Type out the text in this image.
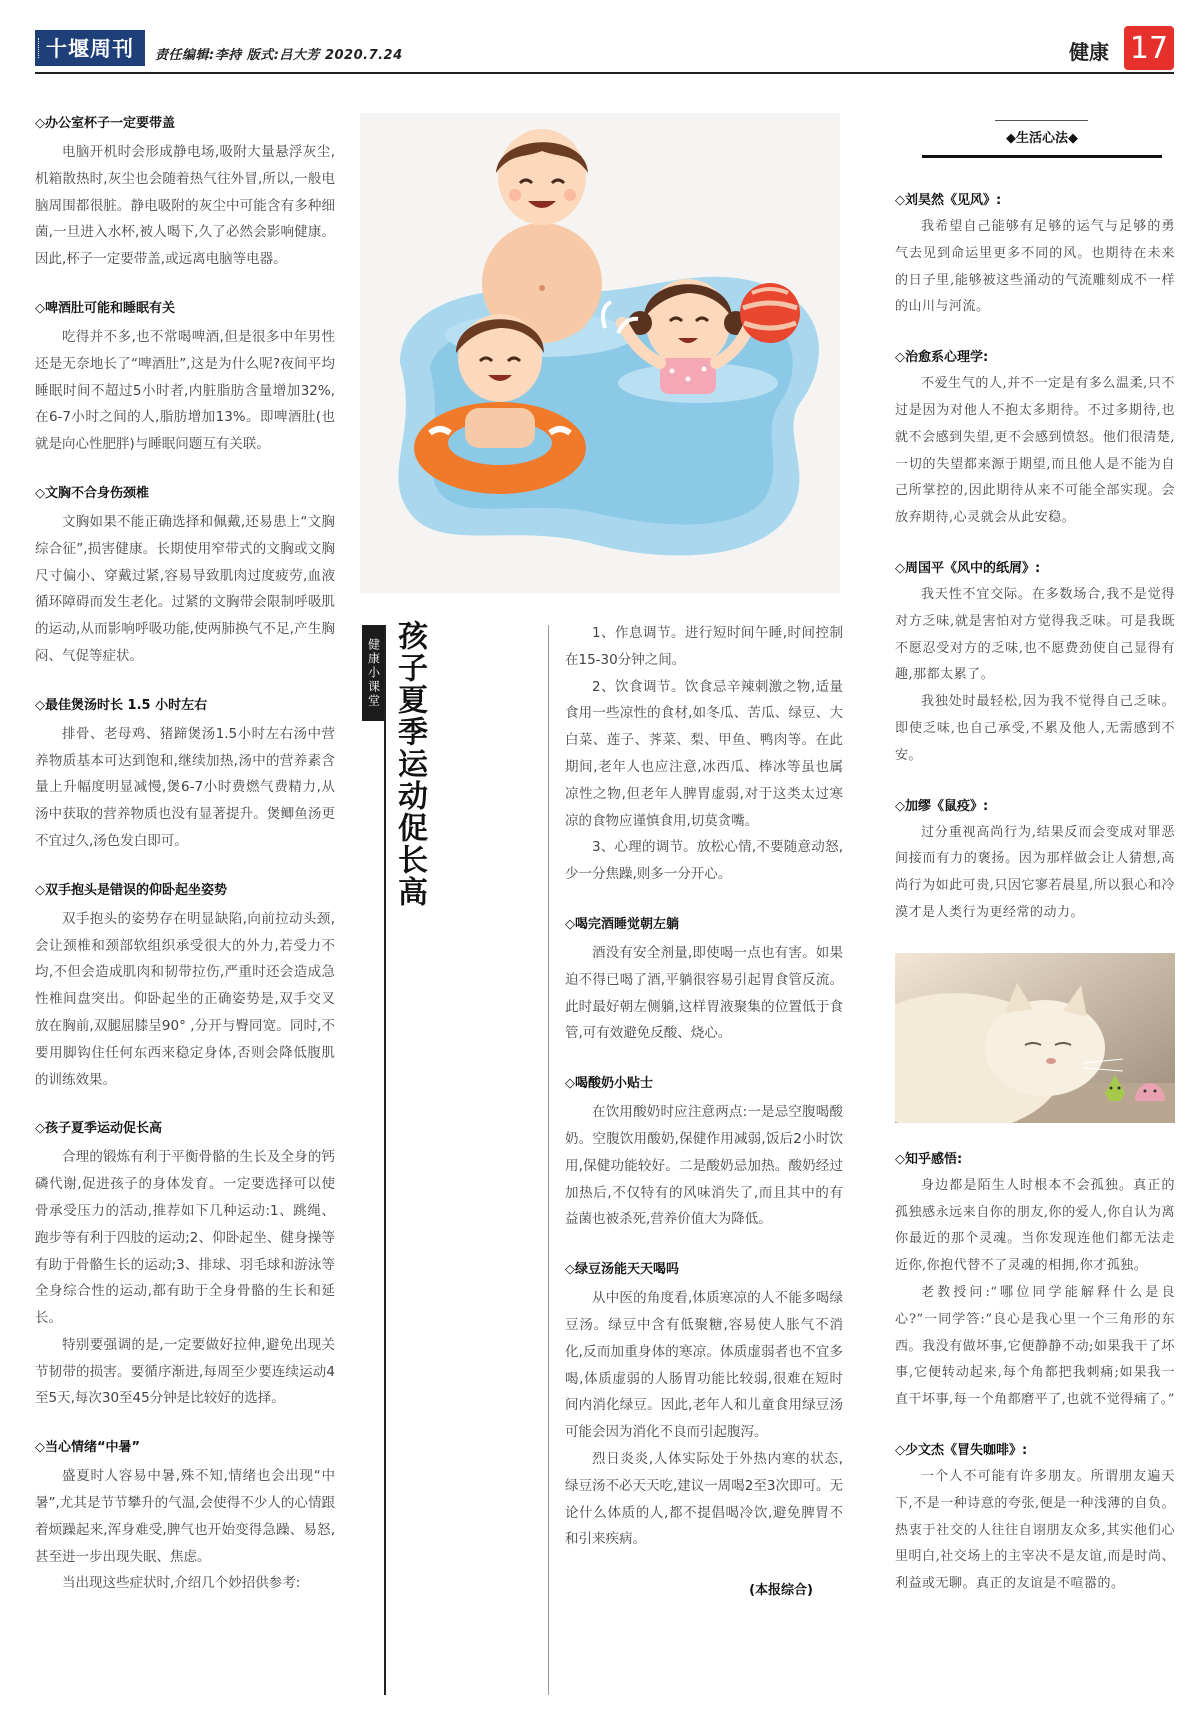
十堰周刊 责任编辑:李持 版式:吕大芳 2020.7.24	健康 17
◇办公室杯子一定要带盖

电脑开机时会形成静电场,吸附大量悬浮灰尘,机箱散热时,灰尘也会随着热气往外冒,所以,一般电脑周围都很脏。静电吸附的灰尘中可能含有多种细菌,一旦进入水杯,被人喝下,久了必然会影响健康。因此,杯子一定要带盖,或远离电脑等电器。

◇啤酒肚可能和睡眠有关

吃得并不多,也不常喝啤酒,但是很多中年男性还是无奈地长了“啤酒肚”,这是为什么呢?夜间平均睡眠时间不超过5小时者,内脏脂肪含量增加32%,在6-7小时之间的人,脂肪增加13%。即啤酒肚(也就是向心性肥胖)与睡眠问题互有关联。

◇文胸不合身伤颈椎

文胸如果不能正确选择和佩戴,还易患上“文胸综合征”,损害健康。长期使用窄带式的文胸或文胸尺寸偏小、穿戴过紧,容易导致肌肉过度疲劳,血液循环障碍而发生老化。过紧的文胸带会限制呼吸肌的运动,从而影响呼吸功能,使两肺换气不足,产生胸闷、气促等症状。

◇最佳煲汤时长 1.5 小时左右

排骨、老母鸡、猪蹄煲汤1.5小时左右汤中营养物质基本可达到饱和,继续加热,汤中的营养素含量上升幅度明显减慢,煲6-7小时费燃气费精力,从汤中获取的营养物质也没有显著提升。煲鲫鱼汤更不宜过久,汤色发白即可。

◇双手抱头是错误的仰卧起坐姿势

双手抱头的姿势存在明显缺陷,向前拉动头颈,会让颈椎和颈部软组织承受很大的外力,若受力不均,不但会造成肌肉和韧带拉伤,严重时还会造成急性椎间盘突出。仰卧起坐的正确姿势是,双手交叉放在胸前,双腿屈膝呈90° ,分开与臀同宽。同时,不要用脚钩住任何东西来稳定身体,否则会降低腹肌的训练效果。

◇孩子夏季运动促长高

合理的锻炼有利于平衡骨骼的生长及全身的钙磷代谢,促进孩子的身体发育。一定要选择可以使骨承受压力的活动,推荐如下几种运动:1、跳绳、跑步等有利于四肢的运动;2、仰卧起坐、健身操等有助于骨骼生长的运动;3、排球、羽毛球和游泳等全身综合性的运动,都有助于全身骨骼的生长和延长。

特别要强调的是,一定要做好拉伸,避免出现关节韧带的损害。要循序渐进,每周至少要连续运动4至5天,每次30至45分钟是比较好的选择。

◇当心情绪“中暑”

盛夏时人容易中暑,殊不知,情绪也会出现“中暑”,尤其是节节攀升的气温,会使得不少人的心情跟着烦躁起来,浑身难受,脾气也开始变得急躁、易怒,甚至进一步出现失眠、焦虑。

当出现这些症状时,介绍几个妙招供参考:

健康小课堂 孩子夏季运动促长高	1、作息调节。进行短时间午睡,时间控制在15-30分钟之间。

2、饮食调节。饮食忌辛辣刺激之物,适量食用一些凉性的食材,如冬瓜、苦瓜、绿豆、大白菜、莲子、荠菜、梨、甲鱼、鸭肉等。在此期间,老年人也应注意,冰西瓜、棒冰等虽也属凉性之物,但老年人脾胃虚弱,对于这类太过寒凉的食物应谨慎食用,切莫贪嘴。

3、心理的调节。放松心情,不要随意动怒,少一分焦躁,则多一分开心。

◇喝完酒睡觉朝左躺

酒没有安全剂量,即使喝一点也有害。如果迫不得已喝了酒,平躺很容易引起胃食管反流。此时最好朝左侧躺,这样胃液聚集的位置低于食管,可有效避免反酸、烧心。

◇喝酸奶小贴士

在饮用酸奶时应注意两点:一是忌空腹喝酸奶。空腹饮用酸奶,保健作用减弱,饭后2小时饮用,保健功能较好。二是酸奶忌加热。酸奶经过加热后,不仅特有的风味消失了,而且其中的有益菌也被杀死,营养价值大为降低。

◇绿豆汤能天天喝吗

从中医的角度看,体质寒凉的人不能多喝绿豆汤。绿豆中含有低聚糖,容易使人胀气不消化,反而加重身体的寒凉。体质虚弱者也不宜多喝,体质虚弱的人肠胃功能比较弱,很难在短时间内消化绿豆。因此,老年人和儿童食用绿豆汤可能会因为消化不良而引起腹泻。

烈日炎炎,人体实际处于外热内寒的状态,绿豆汤不必天天吃,建议一周喝2至3次即可。无论什么体质的人,都不提倡喝冷饮,避免脾胃不和引来疾病。

(本报综合)
◆生活心法◆
◇刘昊然《见风》:

我希望自己能够有足够的运气与足够的勇气去见到命运里更多不同的风。也期待在未来的日子里,能够被这些涌动的气流雕刻成不一样的山川与河流。

◇治愈系心理学:

不爱生气的人,并不一定是有多么温柔,只不过是因为对他人不抱太多期待。不过多期待,也就不会感到失望,更不会感到愤怒。他们很清楚,一切的失望都来源于期望,而且他人是不能为自己所掌控的,因此期待从来不可能全部实现。会放弃期待,心灵就会从此安稳。

◇周国平《风中的纸屑》:

我天性不宜交际。在多数场合,我不是觉得对方乏味,就是害怕对方觉得我乏味。可是我既不愿忍受对方的乏味,也不愿费劲使自己显得有趣,那都太累了。

我独处时最轻松,因为我不觉得自己乏味。即使乏味,也自己承受,不累及他人,无需感到不安。

◇加缪《鼠疫》:

过分重视高尚行为,结果反而会变成对罪恶间接而有力的褒扬。因为那样做会让人猜想,高尚行为如此可贵,只因它寥若晨星,所以狠心和冷漠才是人类行为更经常的动力。

◇知乎感悟:

身边都是陌生人时根本不会孤独。真正的孤独感永远来自你的朋友,你的爱人,你自认为离你最近的那个灵魂。当你发现连他们都无法走近你,你抱代替不了灵魂的相拥,你才孤独。

老教授问:“哪位同学能解释什么是良心?”一同学答:“良心是我心里一个三角形的东西。我没有做坏事,它便静静不动;如果我干了坏事,它便转动起来,每个角都把我刺痛;如果我一直干坏事,每一个角都磨平了,也就不觉得痛了。”

◇少文杰《冒失咖啡》:

一个人不可能有许多朋友。所谓朋友遍天下,不是一种诗意的夸张,便是一种浅薄的自负。热衷于社交的人往往自诩朋友众多,其实他们心里明白,社交场上的主宰决不是友谊,而是时尚、利益或无聊。真正的友谊是不喧嚣的。
